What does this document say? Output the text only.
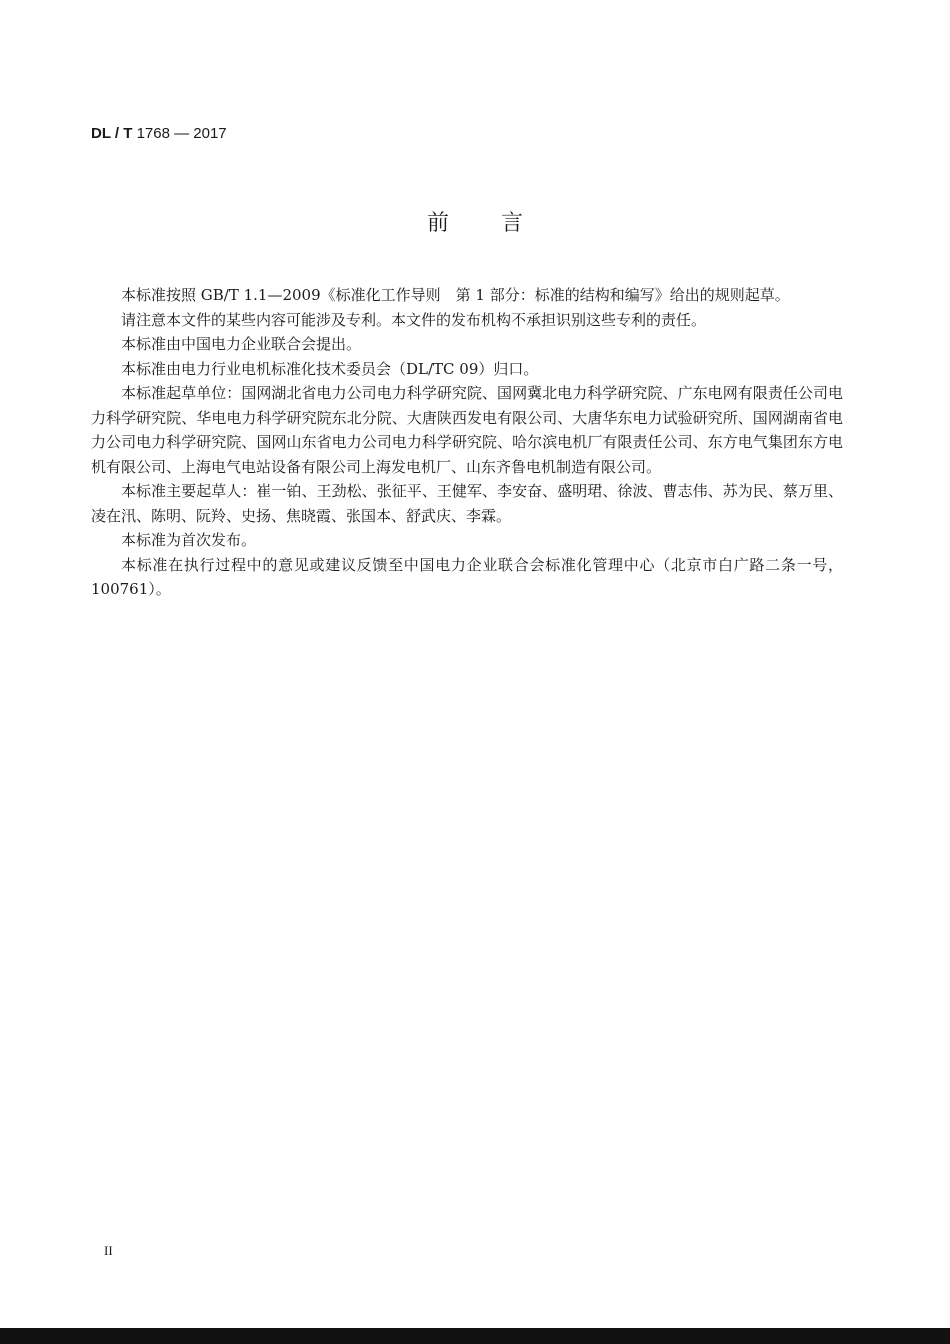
DL / T 1768 — 2017
前 言

本标准按照 GB/T 1.1—2009《标准化工作导则　第 1 部分：标准的结构和编写》给出的规则起草。

请注意本文件的某些内容可能涉及专利。本文件的发布机构不承担识别这些专利的责任。

本标准由中国电力企业联合会提出。

本标准由电力行业电机标准化技术委员会（DL/TC 09）归口。

本标准起草单位：国网湖北省电力公司电力科学研究院、国网冀北电力科学研究院、广东电网有限责任公司电力科学研究院、华电电力科学研究院东北分院、大唐陕西发电有限公司、大唐华东电力试验研究所、国网湖南省电力公司电力科学研究院、国网山东省电力公司电力科学研究院、哈尔滨电机厂有限责任公司、东方电气集团东方电机有限公司、上海电气电站设备有限公司上海发电机厂、山东齐鲁电机制造有限公司。

本标准主要起草人：崔一铂、王劲松、张征平、王健军、李安奋、盛明珺、徐波、曹志伟、苏为民、蔡万里、凌在汛、陈明、阮羚、史扬、焦晓霞、张国本、舒武庆、李霖。

本标准为首次发布。

本标准在执行过程中的意见或建议反馈至中国电力企业联合会标准化管理中心（北京市白广路二条一号，100761）。

II
